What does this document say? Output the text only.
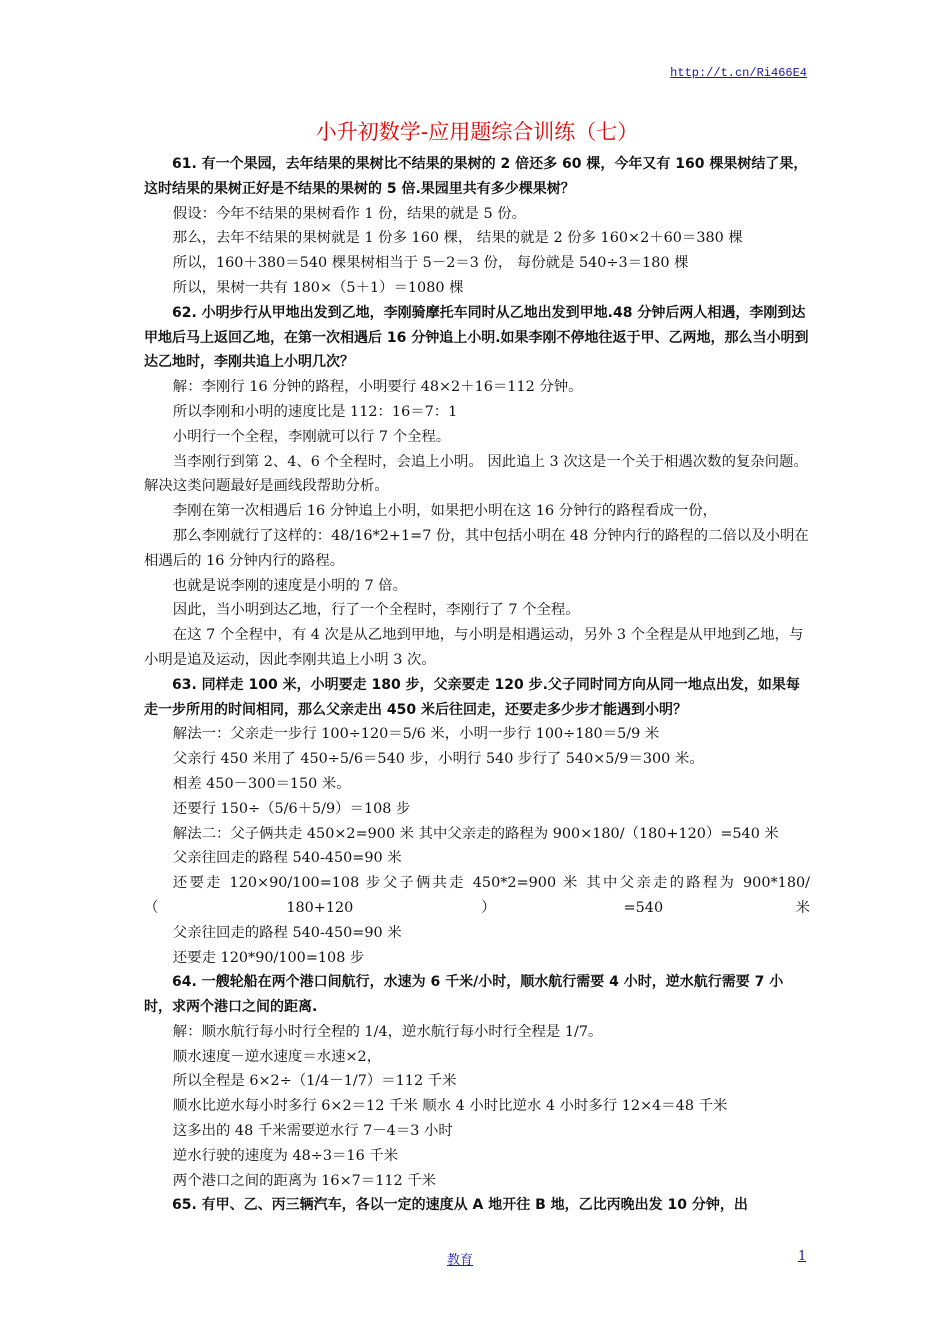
http://t.cn/Ri466E4
小升初数学-应用题综合训练（七）

61. 有一个果园，去年结果的果树比不结果的果树的 2 倍还多 60 棵，今年又有 160 棵果树结了果，这时结果的果树正好是不结果的果树的 5 倍.果园里共有多少棵果树？

假设：今年不结果的果树看作 1 份，结果的就是 5 份。

那么，去年不结果的果树就是 1 份多 160 棵， 结果的就是 2 份多 160×2＋60＝380 棵

所以，160＋380＝540 棵果树相当于 5－2＝3 份， 每份就是 540÷3＝180 棵

所以，果树一共有 180×（5＋1）＝1080 棵

62. 小明步行从甲地出发到乙地，李刚骑摩托车同时从乙地出发到甲地.48 分钟后两人相遇，李刚到达甲地后马上返回乙地，在第一次相遇后 16 分钟追上小明.如果李刚不停地往返于甲、乙两地，那么当小明到达乙地时，李刚共追上小明几次？

解：李刚行 16 分钟的路程，小明要行 48×2＋16＝112 分钟。

所以李刚和小明的速度比是 112：16＝7：1

小明行一个全程，李刚就可以行 7 个全程。

当李刚行到第 2、4、6 个全程时，会追上小明。 因此追上 3 次这是一个关于相遇次数的复杂问题。解决这类问题最好是画线段帮助分析。

李刚在第一次相遇后 16 分钟追上小明，如果把小明在这 16 分钟行的路程看成一份，

那么李刚就行了这样的：48/16*2+1=7 份，其中包括小明在 48 分钟内行的路程的二倍以及小明在相遇后的 16 分钟内行的路程。

也就是说李刚的速度是小明的 7 倍。

因此，当小明到达乙地，行了一个全程时，李刚行了 7 个全程。

在这 7 个全程中，有 4 次是从乙地到甲地，与小明是相遇运动，另外 3 个全程是从甲地到乙地，与小明是追及运动，因此李刚共追上小明 3 次。

63. 同样走 100 米，小明要走 180 步，父亲要走 120 步.父子同时同方向从同一地点出发，如果每走一步所用的时间相同，那么父亲走出 450 米后往回走，还要走多少步才能遇到小明？

解法一：父亲走一步行 100÷120＝5/6 米，小明一步行 100÷180＝5/9 米

父亲行 450 米用了 450÷5/6＝540 步，小明行 540 步行了 540×5/9＝300 米。

相差 450－300＝150 米。

还要行 150÷（5/6＋5/9）＝108 步

解法二：父子俩共走 450×2=900 米 其中父亲走的路程为 900×180/（180+120）=540 米

父亲往回走的路程 540-450=90 米

还要走 120×90/100=108 步父子俩共走 450*2=900 米 其中父亲走的路程为 900*180/（180+120）=540 米

父亲往回走的路程 540-450=90 米

还要走 120*90/100=108 步

64. 一艘轮船在两个港口间航行，水速为 6 千米/小时，顺水航行需要 4 小时，逆水航行需要 7 小时，求两个港口之间的距离.

解：顺水航行每小时行全程的 1/4，逆水航行每小时行全程是 1/7。

顺水速度－逆水速度＝水速×2，

所以全程是 6×2÷（1/4－1/7）＝112 千米

顺水比逆水每小时多行 6×2＝12 千米 顺水 4 小时比逆水 4 小时多行 12×4＝48 千米

这多出的 48 千米需要逆水行 7－4＝3 小时

逆水行驶的速度为 48÷3＝16 千米

两个港口之间的距离为 16×7＝112 千米

65. 有甲、乙、丙三辆汽车，各以一定的速度从 A 地开往 B 地，乙比丙晚出发 10 分钟，出

教育	1
